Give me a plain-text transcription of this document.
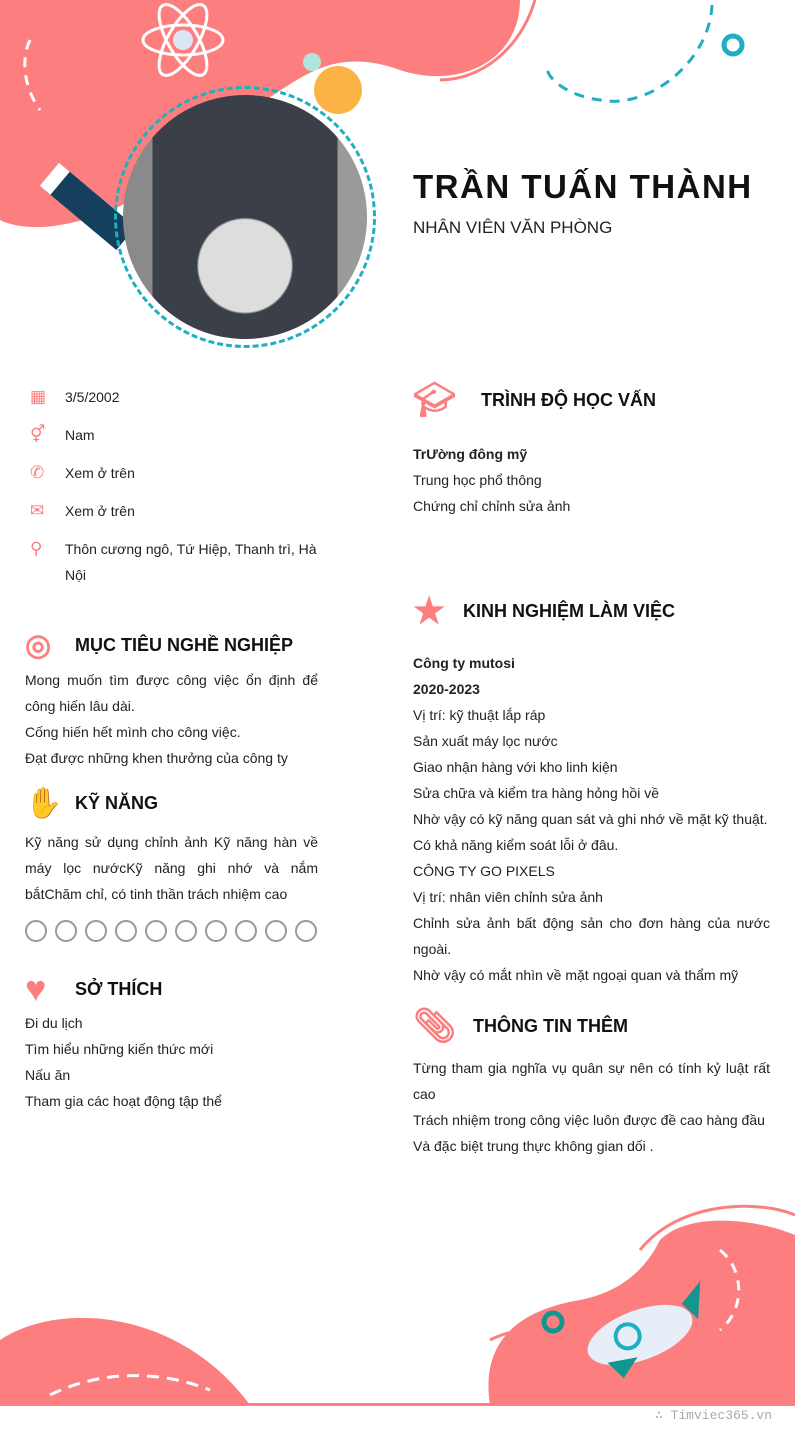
TRẦN TUẤN THÀNH
NHÂN VIÊN VĂN PHÒNG
▦	3/5/2002
⚥	Nam
✆	Xem ở trên
✉	Xem ở trên
⚲	Thôn cương ngô, Tứ Hiệp, Thanh trì, Hà Nội
◎	MỤC TIÊU NGHỀ NGHIỆP
Mong muốn tìm được công việc ổn định để công hiến lâu dài.
Cống hiến hết mình cho công việc.
Đạt được những khen thưởng của công ty
✋ KỸ NĂNG
Kỹ năng sử dụng chỉnh ảnh Kỹ năng hàn về máy lọc nướcKỹ năng ghi nhớ và nắm bắtChăm chỉ, có tinh thần trách nhiệm cao
♥	SỞ THÍCH
Đi du lịch
Tìm hiểu những kiến thức mới
Nấu ăn
Tham gia các hoạt động tập thể
🎓︎	TRÌNH ĐỘ HỌC VẤN
TrƯờng đông mỹ
Trung học phổ thông
Chứng chỉ chỉnh sửa ảnh
★ KINH NGHIỆM LÀM VIỆC
Công ty mutosi
2020-2023
Vị trí: kỹ thuật lắp ráp
Sản xuất máy lọc nước
Giao nhận hàng với kho linh kiện
Sửa chữa và kiểm tra hàng hỏng hồi về
Nhờ vậy có kỹ năng quan sát và ghi nhớ về mặt kỹ thuật.
Có khả năng kiểm soát lỗi ở đâu.
CÔNG TY GO PIXELS
Vị trí: nhân viên chỉnh sửa ảnh
Chỉnh sửa ảnh bất động sản cho đơn hàng của nước ngoài.
Nhờ vậy có mắt nhìn về mặt ngoại quan và thẩm mỹ
📎︎ THÔNG TIN THÊM
Từng tham gia nghĩa vụ quân sự nên có tính kỷ luật rất cao
Trách nhiệm trong công việc luôn được đề cao hàng đầu
Và đặc biệt trung thực không gian dối .
∴ Timviec365.vn
